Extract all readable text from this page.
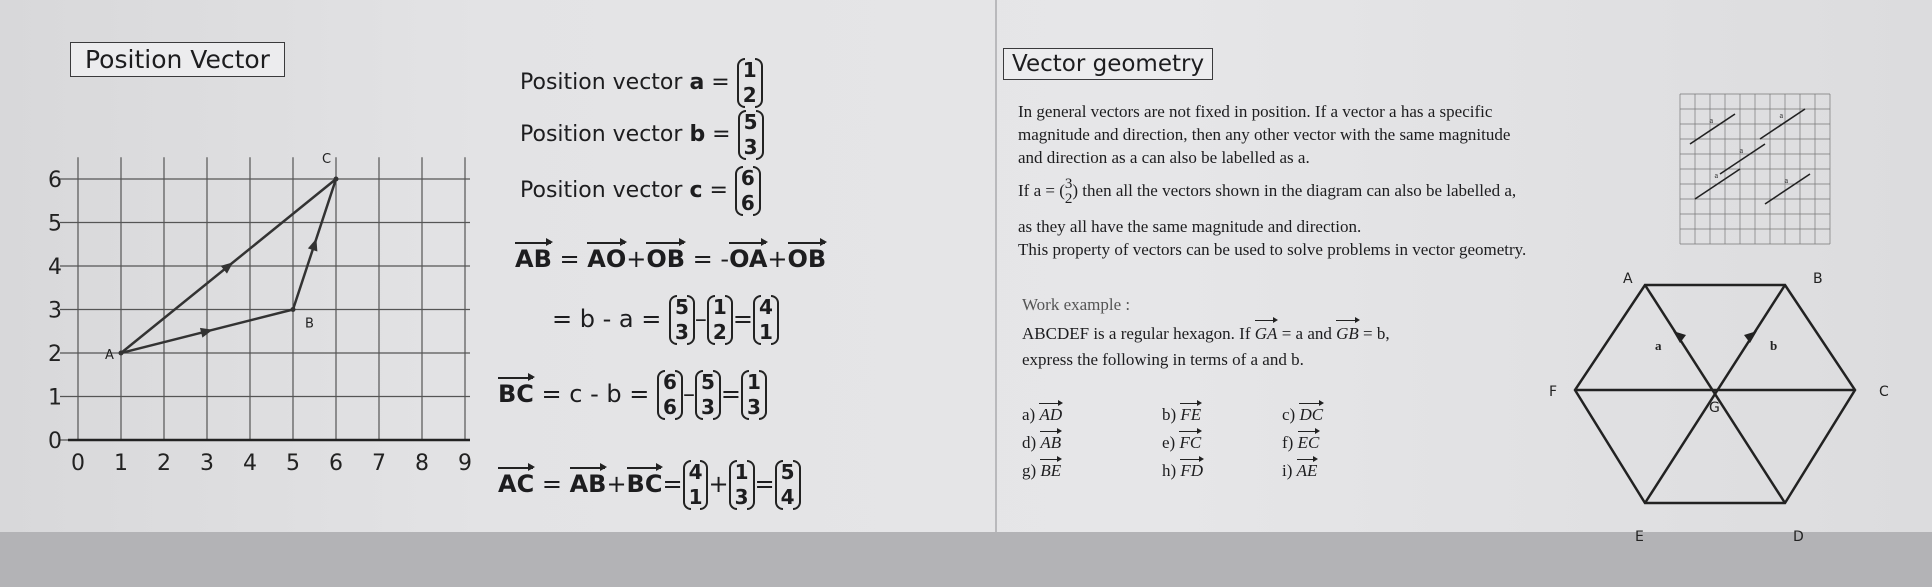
Position Vector
0 1 2 3 4 5 6 7 8 9
0
1
2
3
4
5
6
A
B
C
Position vector a = 1
2
Position vector b = 5
3
Position vector c = 6
6
AB = AO+OB = -OA+OB
= b - a = 5
3 – 1
2 = 4
1
BC = c - b = 6
6 – 5
3 = 1
3
AC = AB+BC= 4
1 + 1
3 = 5
4
Vector geometry
In general vectors are not fixed in position. If a vector a has a specific
magnitude and direction, then any other vector with the same magnitude
and direction as a can also be labelled as a.
If a = ( 3
2 ) then all the vectors shown in the diagram can also be labelled a,
as they all have the same magnitude and direction.
This property of vectors can be used to solve problems in vector geometry.
a
a
a
a
a
Work example :
ABCDEF is a regular hexagon. If GA = a and GB = b,
express the following in terms of a and b.
a) AD	b) FE	c) DC
d) AB	e) FC	f) EC
g) BE	h) FD	i) AE
A	B
C
D
E
F
G
a	b
